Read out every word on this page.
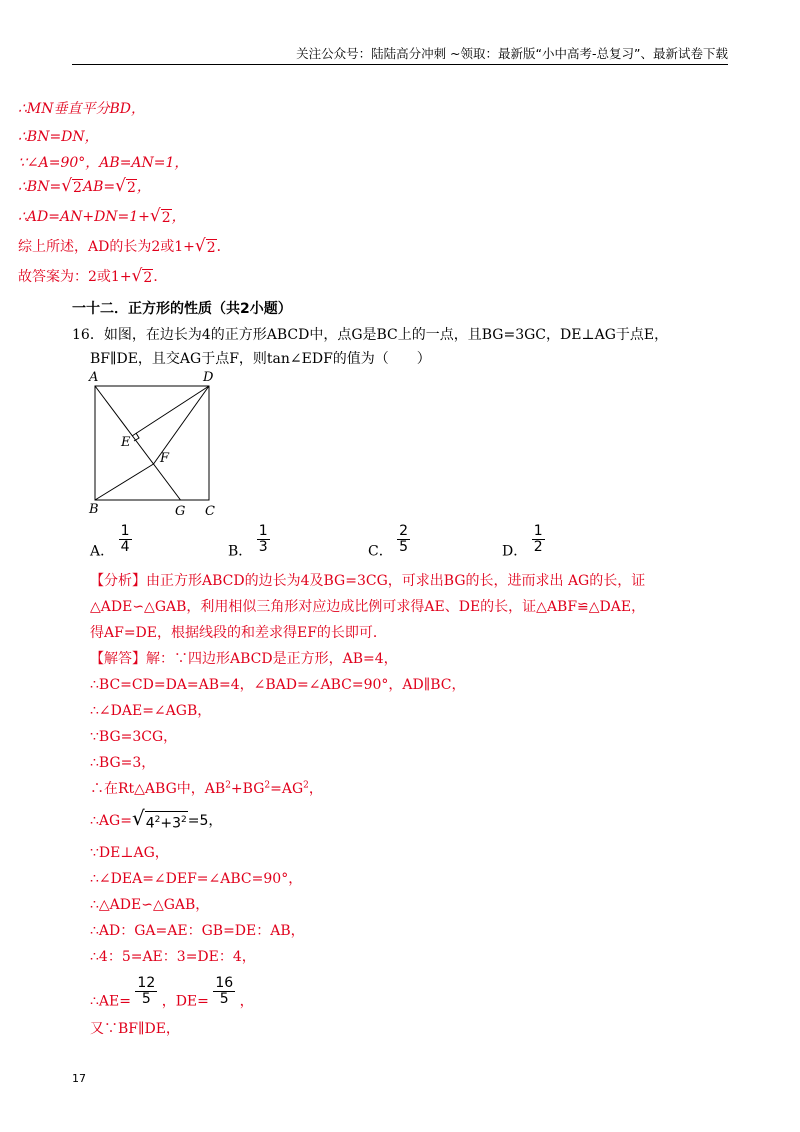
关注公众号：陆陆高分冲刺 ~领取：最新版“小中高考-总复习”、最新试卷下载
∴MN垂直平分BD，
∴BN=DN，
∵∠A=90°，AB=AN=1，
∴BN= √ 2 AB= √ 2 ，
∴AD=AN+DN=1+ √ 2 ，
综上所述，AD的长为2或1+ √ 2 ．
故答案为：2或1+ √ 2 ．
一十二．正方形的性质（共2小题）
16．如图，在边长为4的正方形ABCD中，点G是BC上的一点，且BG=3GC，DE⊥AG于点E，
BF∥DE，且交AG于点F，则tan∠EDF的值为（　　）
A	D
B	G C
E
F
A． $\frac{1}{4}$	B． $\frac{1}{3}$	C． $\frac{2}{5}$	D． $\frac{1}{2}$
【分析】由正方形ABCD的边长为4及BG=3CG，可求出BG的长，进而求出 AG的长，证
△ADE∽△GAB，利用相似三角形对应边成比例可求得AE、DE的长，证△ABF≌△DAE，
得AF=DE，根据线段的和差求得EF的长即可．
【解答】解：∵四边形ABCD是正方形，AB=4，
∴BC=CD=DA=AB=4，∠BAD=∠ABC=90°，AD∥BC，
∴∠DAE=∠AGB，
∵BG=3CG，
∴BG=3，
∴在Rt△ABG中，$AB^2+BG^2=AG^2$，
∴AG= √ $4^2+3^2 =5$，
∵DE⊥AG，
∴∠DEA=∠DEF=∠ABC=90°，
∴△ADE∽△GAB，
∴AD：GA=AE：GB=DE：AB，
∴4：5=AE：3=DE：4，
∴AE= $\frac{12}{5}$ ，$DE= \frac{16}{5}$ ，
又∵BF∥DE，
17
